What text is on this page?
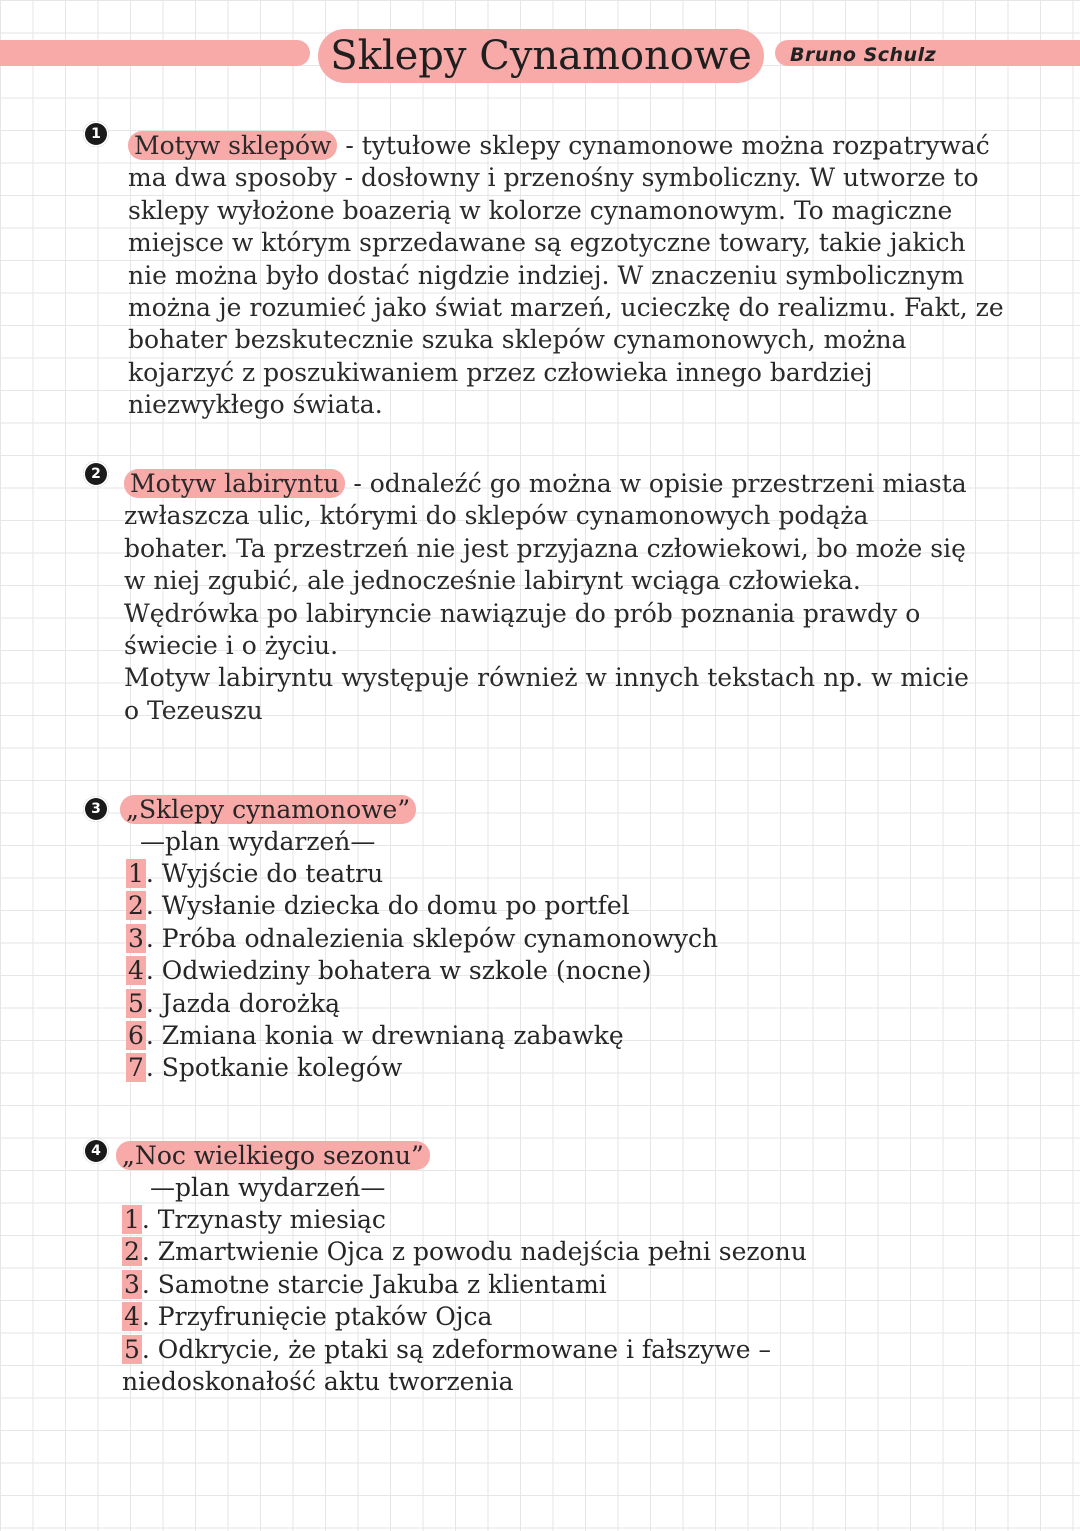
Sklepy Cynamonowe	Bruno Schulz
1	Motyw sklepów - tytułowe sklepy cynamonowe można rozpatrywać
ma dwa sposoby - dosłowny i przenośny symboliczny. W utworze to
sklepy wyłożone boazerią w kolorze cynamonowym. To magiczne
miejsce w którym sprzedawane są egzotyczne towary, takie jakich
nie można było dostać nigdzie indziej. W znaczeniu symbolicznym
można je rozumieć jako świat marzeń, ucieczkę do realizmu. Fakt, ze
bohater bezskutecznie szuka sklepów cynamonowych, można
kojarzyć z poszukiwaniem przez człowieka innego bardziej
niezwykłego świata.
2	Motyw labiryntu - odnaleźć go można w opisie przestrzeni miasta
zwłaszcza ulic, którymi do sklepów cynamonowych podąża
bohater. Ta przestrzeń nie jest przyjazna człowiekowi, bo może się
w niej zgubić, ale jednocześnie labirynt wciąga człowieka.
Wędrówka po labiryncie nawiązuje do prób poznania prawdy o
świecie i o życiu.
Motyw labiryntu występuje również w innych tekstach np. w micie
o Tezeuszu
3	„Sklepy cynamonowe”
—plan wydarzeń—
1. Wyjście do teatru
2. Wysłanie dziecka do domu po portfel
3. Próba odnalezienia sklepów cynamonowych
4. Odwiedziny bohatera w szkole (nocne)
5. Jazda dorożką
6. Zmiana konia w drewnianą zabawkę
7. Spotkanie kolegów
4 „Noc wielkiego sezonu”
—plan wydarzeń—
1. Trzynasty miesiąc
2. Zmartwienie Ojca z powodu nadejścia pełni sezonu
3. Samotne starcie Jakuba z klientami
4. Przyfrunięcie ptaków Ojca
5. Odkrycie, że ptaki są zdeformowane i fałszywe –
niedoskonałość aktu tworzenia
